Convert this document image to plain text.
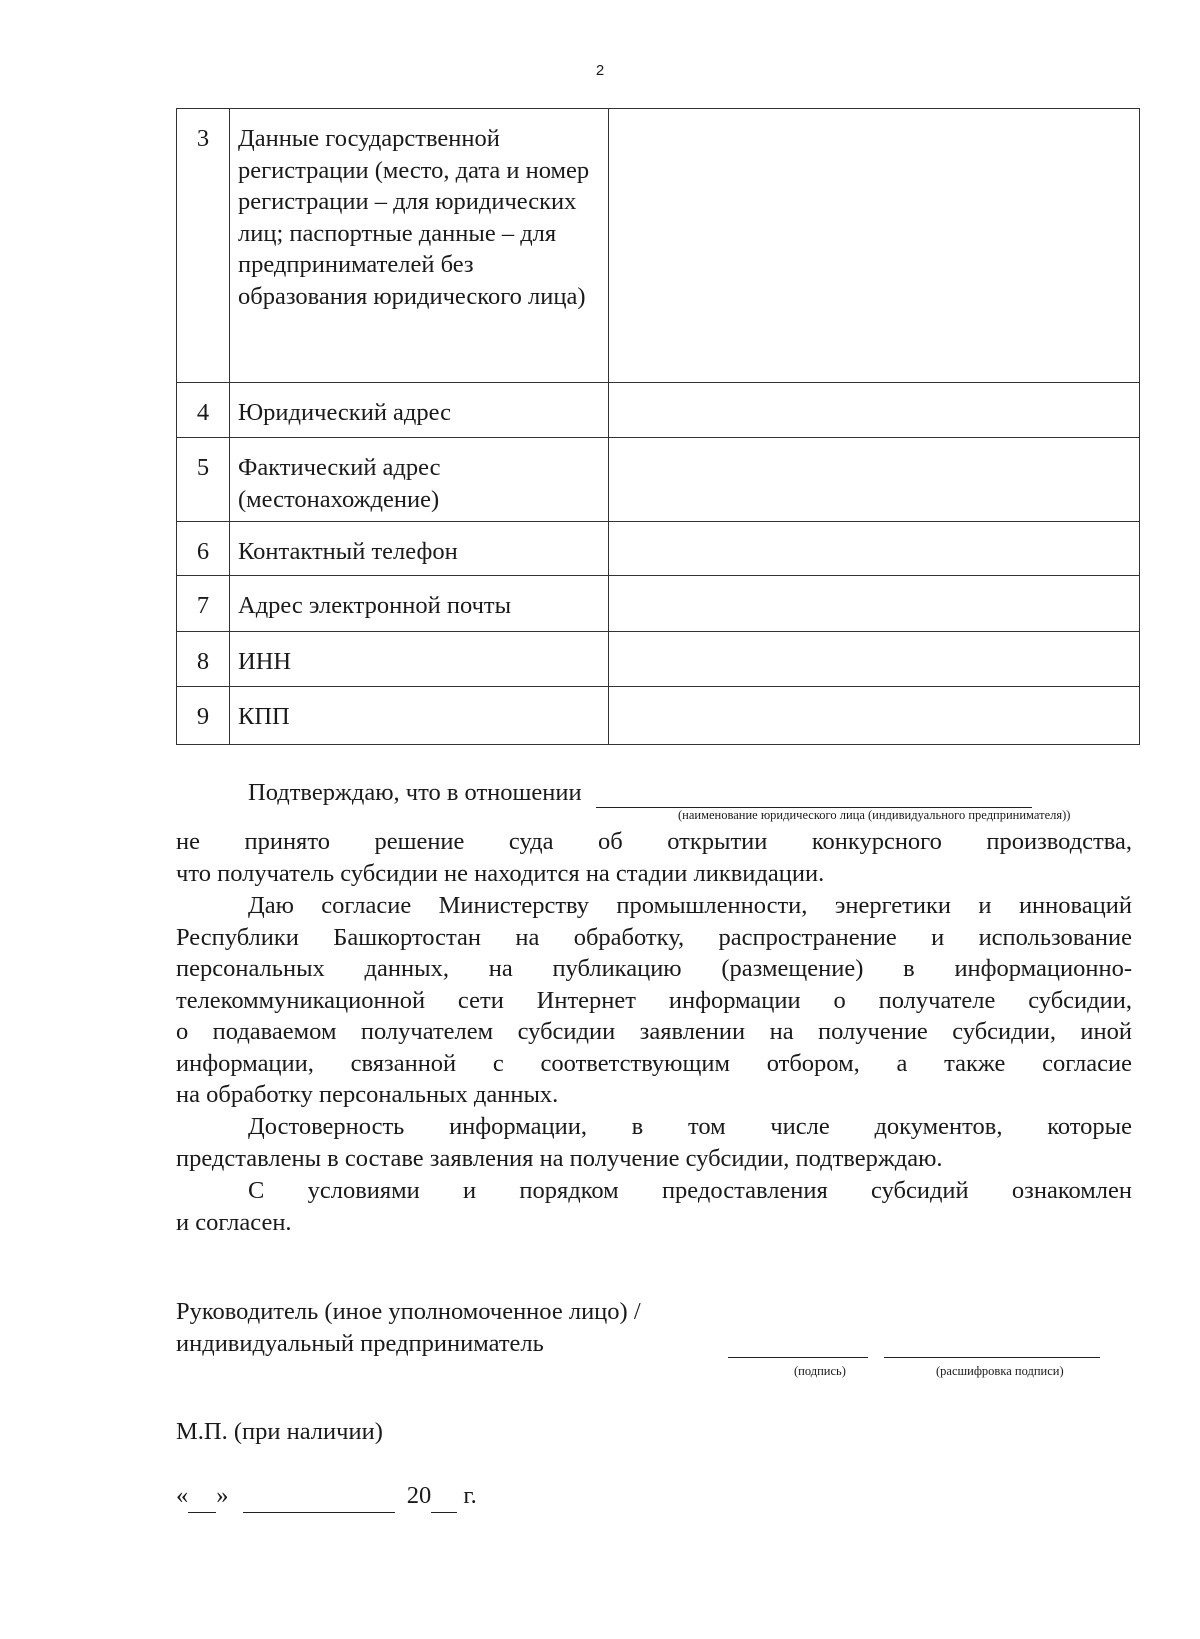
2
3	Данные государственной регистрации (место, дата и номер регистрации – для юридических лиц; паспортные данные – для предпринимателей без образования юридического лица)	
4	Юридический адрес	
5	Фактический адрес (местонахождение)	
6	Контактный телефон	
7	Адрес электронной почты	
8	ИНН	
9	КПП	
Подтверждаю, что в отношении
(наименование юридического лица (индивидуального предпринимателя))

не принято решение суда об открытии конкурсного производства,

что получатель субсидии не находится на стадии ликвидации.

Даю согласие Министерству промышленности, энергетики и инноваций

Республики Башкортостан на обработку, распространение и использование

персональных данных, на публикацию (размещение) в информационно-

телекоммуникационной сети Интернет информации о получателе субсидии,

о подаваемом получателем субсидии заявлении на получение субсидии, иной

информации, связанной с соответствующим отбором, а также согласие

на обработку персональных данных.

Достоверность информации, в том числе документов, которые

представлены в составе заявления на получение субсидии, подтверждаю.

С условиями и порядком предоставления субсидий ознакомлен

и согласен.

Руководитель (иное уполномоченное лицо) /
индивидуальный предприниматель
(подпись)	(расшифровка подписи)
М.П. (при наличии)
« »	20 г.
